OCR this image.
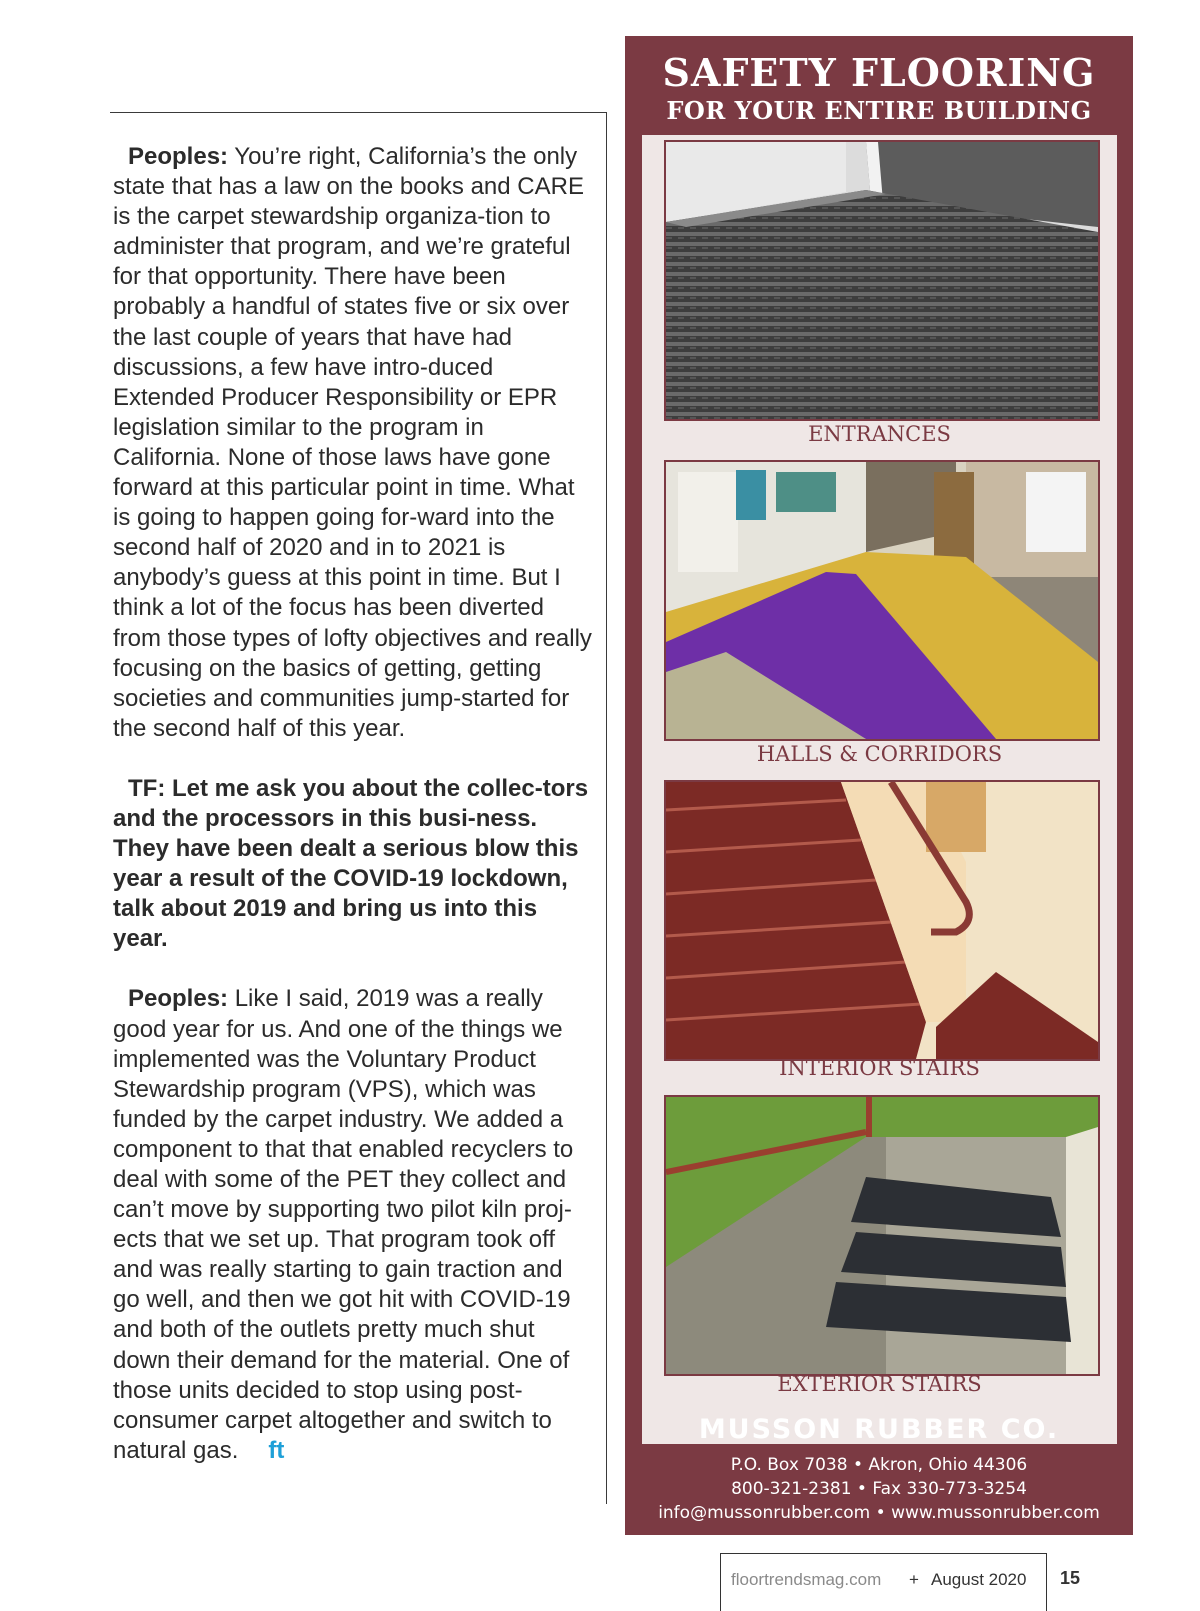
Peoples: You’re right, California’s the only state that has a law on the books and CARE is the carpet stewardship organiza-tion to administer that program, and we’re grateful for that opportunity. There have been probably a handful of states five or six over the last couple of years that have had discussions, a few have intro-duced Extended Producer Responsibility or EPR legislation similar to the program in California. None of those laws have gone forward at this particular point in time. What is going to happen going for-ward into the second half of 2020 and in to 2021 is anybody’s guess at this point in time. But I think a lot of the focus has been diverted from those types of lofty objectives and really focusing on the basics of getting, getting societies and communities jump-started for the second half of this year.

TF: Let me ask you about the collec-tors and the processors in this busi-ness. They have been dealt a serious blow this year a result of the COVID-19 lockdown, talk about 2019 and bring us into this year.

Peoples: Like I said, 2019 was a really good year for us. And one of the things we implemented was the Voluntary Product Stewardship program (VPS), which was funded by the carpet industry. We added a component to that that enabled recyclers to deal with some of the PET they collect and can’t move by supporting two pilot kiln proj-ects that we set up. That program took off and was really starting to gain traction and go well, and then we got hit with COVID-19 and both of the outlets pretty much shut down their demand for the material. One of those units decided to stop using post-consumer carpet altogether and switch to natural gas. ft

SAFETY FLOORING
FOR YOUR ENTIRE BUILDING
ENTRANCES
HALLS & CORRIDORS
INTERIOR STAIRS
EXTERIOR STAIRS
MUSSON RUBBER CO.
P.O. Box 7038 • Akron, Ohio 44306
800-321-2381 • Fax 330-773-3254
info@mussonrubber.com • www.mussonrubber.com
floortrendsmag.com + August 2020 15
